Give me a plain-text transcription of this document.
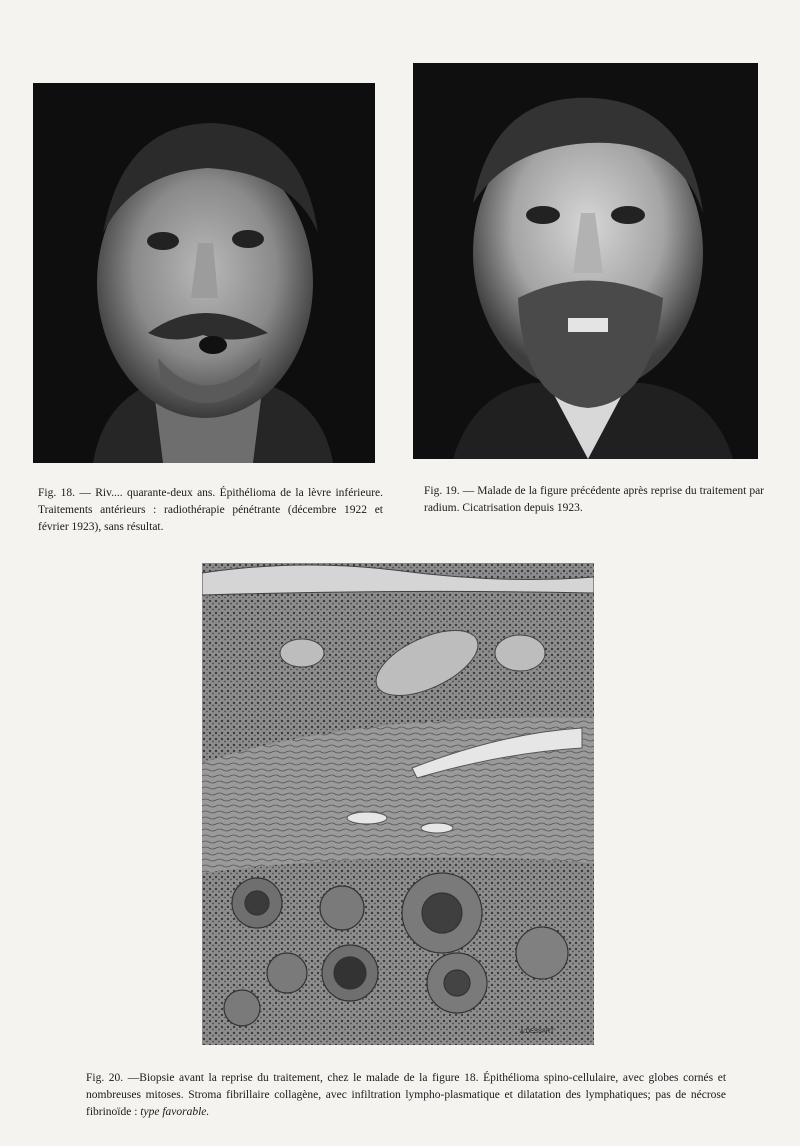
Fig. 18. — Riv.... quarante-deux ans. Épithélioma de la lèvre inférieure. Traitements antérieurs : radiothérapie pénétrante (décembre 1922 et février 1923), sans résultat.
Fig. 19. — Malade de la figure précédente après reprise du traitement par radium. Cicatrisation depuis 1923.
A.DESSART
Fig. 20. —Biopsie avant la reprise du traitement, chez le malade de la figure 18. Épithélioma spino-cellulaire, avec globes cornés et nombreuses mitoses. Stroma fibrillaire collagène, avec infiltration lympho-plasmatique et dilatation des lymphatiques; pas de nécrose fibrinoïde : type favorable.
